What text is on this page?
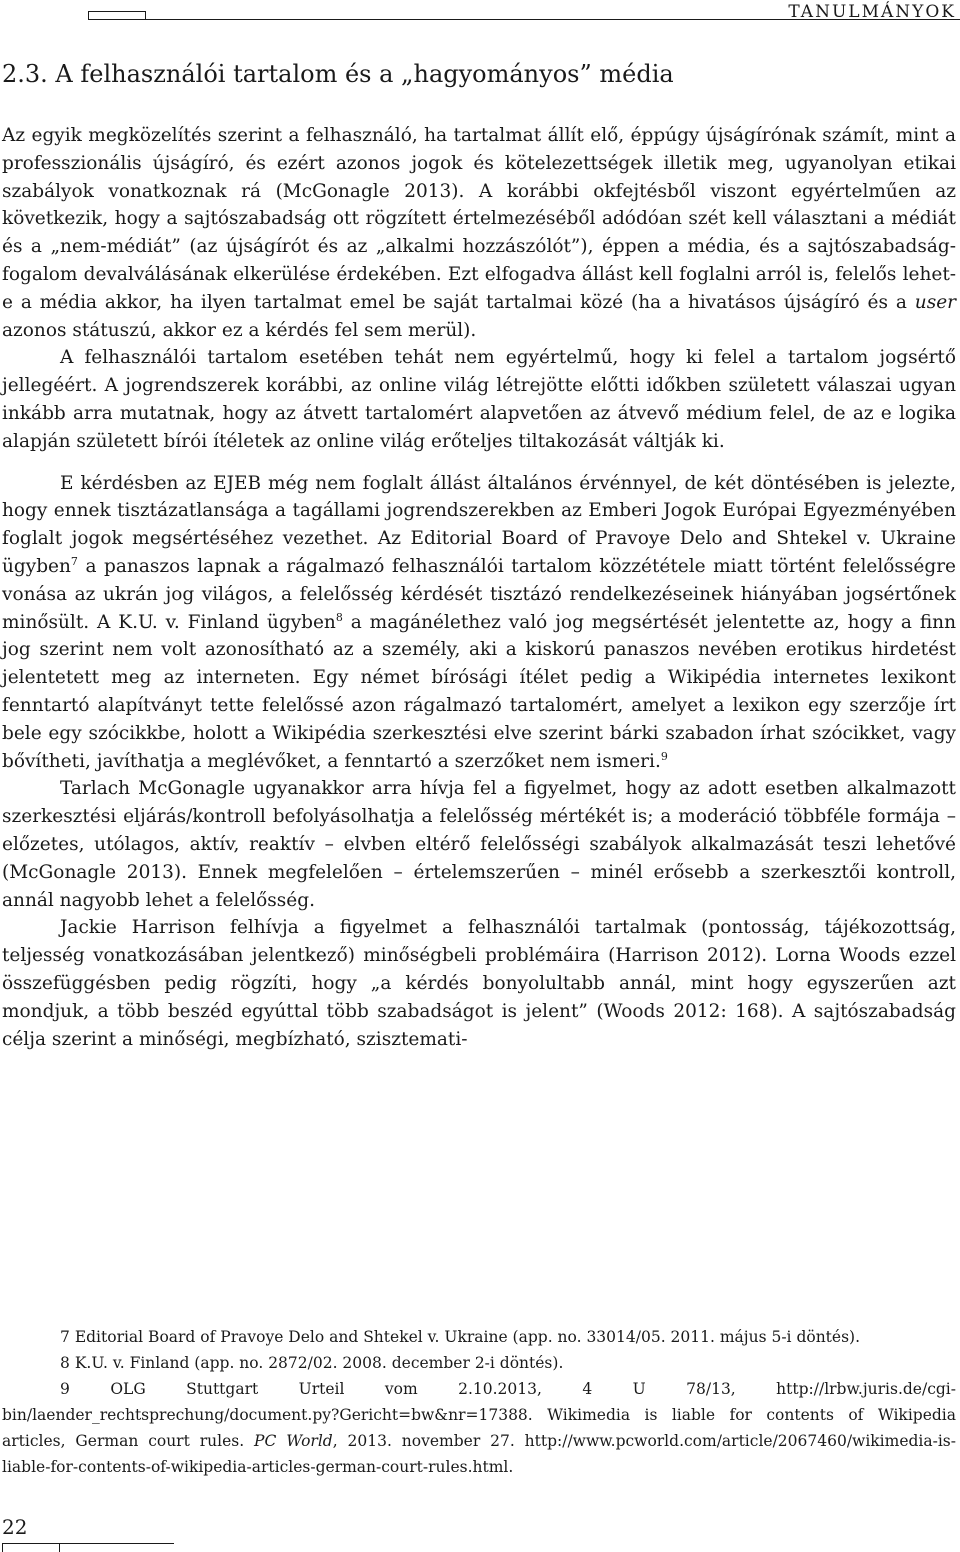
TANULMÁNYOK
2.3. A felhasználói tartalom és a „hagyományos” média

Az egyik megközelítés szerint a felhasználó, ha tartalmat állít elő, éppúgy újságírónak számít, mint a professzionális újságíró, és ezért azonos jogok és kötelezettségek illetik meg, ugyanolyan etikai szabályok vonatkoznak rá (McGonagle 2013). A korábbi okfejtésből viszont egyértelműen az következik, hogy a sajtószabadság ott rögzített értelmezéséből adódóan szét kell választani a médiát és a „nem-médiát” (az újságírót és az „alkalmi hozzászólót”), éppen a média, és a sajtószabadság-fogalom devalválásának elkerülése érdekében. Ezt elfogadva állást kell foglalni arról is, felelős lehet-e a média akkor, ha ilyen tartalmat emel be saját tartalmai közé (ha a hivatásos újságíró és a user azonos státuszú, akkor ez a kérdés fel sem merül).

A felhasználói tartalom esetében tehát nem egyértelmű, hogy ki felel a tartalom jogsértő jellegéért. A jogrendszerek korábbi, az online világ létrejötte előtti időkben született válaszai ugyan inkább arra mutatnak, hogy az átvett tartalomért alapvetően az átvevő médium felel, de az e logika alapján született bírói ítéletek az online világ erőteljes tiltakozását váltják ki.

E kérdésben az EJEB még nem foglalt állást általános érvénnyel, de két döntésében is jelezte, hogy ennek tisztázatlansága a tagállami jogrendszerekben az Emberi Jogok Európai Egyezményében foglalt jogok megsértéséhez vezethet. Az Editorial Board of Pravoye Delo and Shtekel v. Ukraine ügyben$^7$ a panaszos lapnak a rágalmazó felhasználói tartalom közzététele miatt történt felelősségre vonása az ukrán jog világos, a felelősség kérdését tisztázó rendelkezéseinek hiányában jogsértőnek minősült. A K.U. v. Finland ügyben$^8$ a magánélethez való jog megsértését jelentette az, hogy a finn jog szerint nem volt azonosítható az a személy, aki a kiskorú panaszos nevében erotikus hirdetést jelentetett meg az interneten. Egy német bírósági ítélet pedig a Wikipédia internetes lexikont fenntartó alapítványt tette felelőssé azon rágalmazó tartalomért, amelyet a lexikon egy szerzője írt bele egy szócikkbe, holott a Wikipédia szerkesztési elve szerint bárki szabadon írhat szócikket, vagy bővítheti, javíthatja a meglévőket, a fenntartó a szerzőket nem ismeri.$^9$

Tarlach McGonagle ugyanakkor arra hívja fel a figyelmet, hogy az adott esetben alkalmazott szerkesztési eljárás/kontroll befolyásolhatja a felelősség mértékét is; a moderáció többféle formája – előzetes, utólagos, aktív, reaktív – elvben eltérő felelősségi szabályok alkalmazását teszi lehetővé (McGonagle 2013). Ennek megfelelően – értelemszerűen – minél erősebb a szerkesztői kontroll, annál nagyobb lehet a felelősség.

Jackie Harrison felhívja a figyelmet a felhasználói tartalmak (pontosság, tájékozottság, teljesség vonatkozásában jelentkező) minőségbeli problémáira (Harrison 2012). Lorna Woods ezzel összefüggésben pedig rögzíti, hogy „a kérdés bonyolultabb annál, mint hogy egyszerűen azt mondjuk, a több beszéd egyúttal több szabadságot is jelent” (Woods 2012: 168). A sajtószabadság célja szerint a minőségi, megbízható, szisztemati-

7 Editorial Board of Pravoye Delo and Shtekel v. Ukraine (app. no. 33014/05. 2011. május 5-i döntés).

8 K.U. v. Finland (app. no. 2872/02. 2008. december 2-i döntés).

9	OLG Stuttgart Urteil vom 2.10.2013, 4 U 78/13, http://lrbw.juris.de/cgi-bin/laender_rechtsprechung/document.py?Gericht=bw&nr=17388. Wikimedia is liable for contents of Wikipedia articles, German court rules. PC World, 2013. november 27. http://www.pcworld.com/article/2067460/wikimedia-is-liable-for-contents-of-wikipedia-articles-german-court-rules.html.

22
